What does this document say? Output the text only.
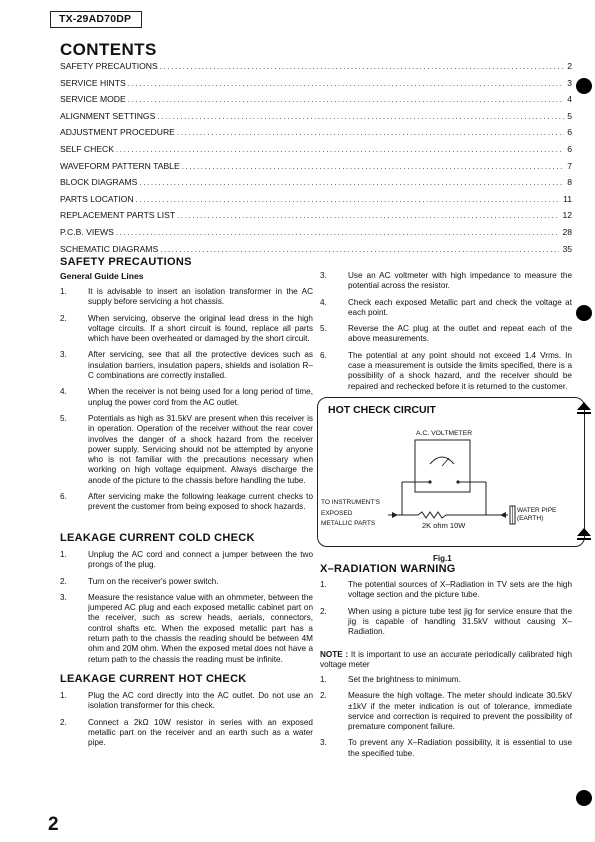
TX-29AD70DP
CONTENTS
SAFETY PRECAUTIONS .....	2
SERVICE HINTS .....	3
SERVICE MODE .....	4
ALIGNMENT SETTINGS .....	5
ADJUSTMENT PROCEDURE .....	6
SELF CHECK .....	6
WAVEFORM PATTERN TABLE .....	7
BLOCK DIAGRAMS .....	8
PARTS LOCATION .....	11
REPLACEMENT PARTS LIST .....	12
P.C.B. VIEWS .....	28
SCHEMATIC DIAGRAMS .....	35
SAFETY PRECAUTIONS
General Guide Lines
1.	It is advisable to insert an isolation transformer in the AC supply before servicing a hot chassis.
2.	When servicing, observe the original lead dress in the high voltage circuits. If a short circuit is found, replace all parts which have been overheated or damaged by the short circuit.
3.	After servicing, see that all the protective devices such as insulation barriers, insulation papers, shields and isolation R–C combinations are correctly installed.
4.	When the receiver is not being used for a long period of time, unplug the power cord from the AC outlet.
5.	Potentials as high as 31.5kV are present when this receiver is in operation. Operation of the receiver without the rear cover involves the danger of a shock hazard from the receiver power supply. Servicing should not be attempted by anyone who is not familiar with the precautions necessary when working on high voltage equipment. Always discharge the anode of the picture to the chassis before handling the tube.
6.	After servicing make the following leakage current checks to prevent the customer from being exposed to shock hazards.
LEAKAGE CURRENT COLD CHECK
1.	Unplug the AC cord and connect a jumper between the two prongs of the plug.
2.	Turn on the receiver's power switch.
3.	Measure the resistance value with an ohmmeter, between the jumpered AC plug and each exposed metallic cabinet part on the receiver, such as screw heads, aerials, connectors, control shafts etc. When the exposed metallic part has a return path to the chassis the reading should be between 4M ohm and 20M ohm. When the exposed metal does not have a return path to the chassis the reading must be infinite.
LEAKAGE CURRENT HOT CHECK
1.	Plug the AC cord directly into the AC outlet. Do not use an isolation transformer for this check.
2.	Connect a 2kΩ 10W resistor in series with an exposed metallic part on the receiver and an earth such as a water pipe.
3.	Use an AC voltmeter with high impedance to measure the potential across the resistor.
4.	Check each exposed Metallic part and check the voltage at each point.
5.	Reverse the AC plug at the outlet and repeat each of the above measurements.
6.	The potential at any point should not exceed 1.4 Vrms. In case a measurement is outside the limits specified, there is a possibility of a shock hazard, and the receiver should be repaired and rechecked before it is returned to the customer.
HOT CHECK CIRCUIT
A.C. VOLTMETER
TO INSTRUMENT'S
EXPOSED
METALLIC PARTS	2K ohm 10W
WATER PIPE
(EARTH)
Fig.1
X–RADIATION WARNING
1.	The potential sources of X–Radiation in TV sets are the high voltage section and the picture tube.
2.	When using a picture tube test jig for service ensure that the jig is capable of handling 31.5kV without causing X–Radiation.
NOTE : It is important to use an accurate periodically calibrated high voltage meter
1.	Set the brightness to minimum.
2.	Measure the high voltage. The meter should indicate 30.5kV ±1kV if the meter indication is out of tolerance, immediate service and correction is required to prevent the possibility of premature component failure.
3.	To prevent any X–Radiation possibility, it is essential to use the specified tube.
2
